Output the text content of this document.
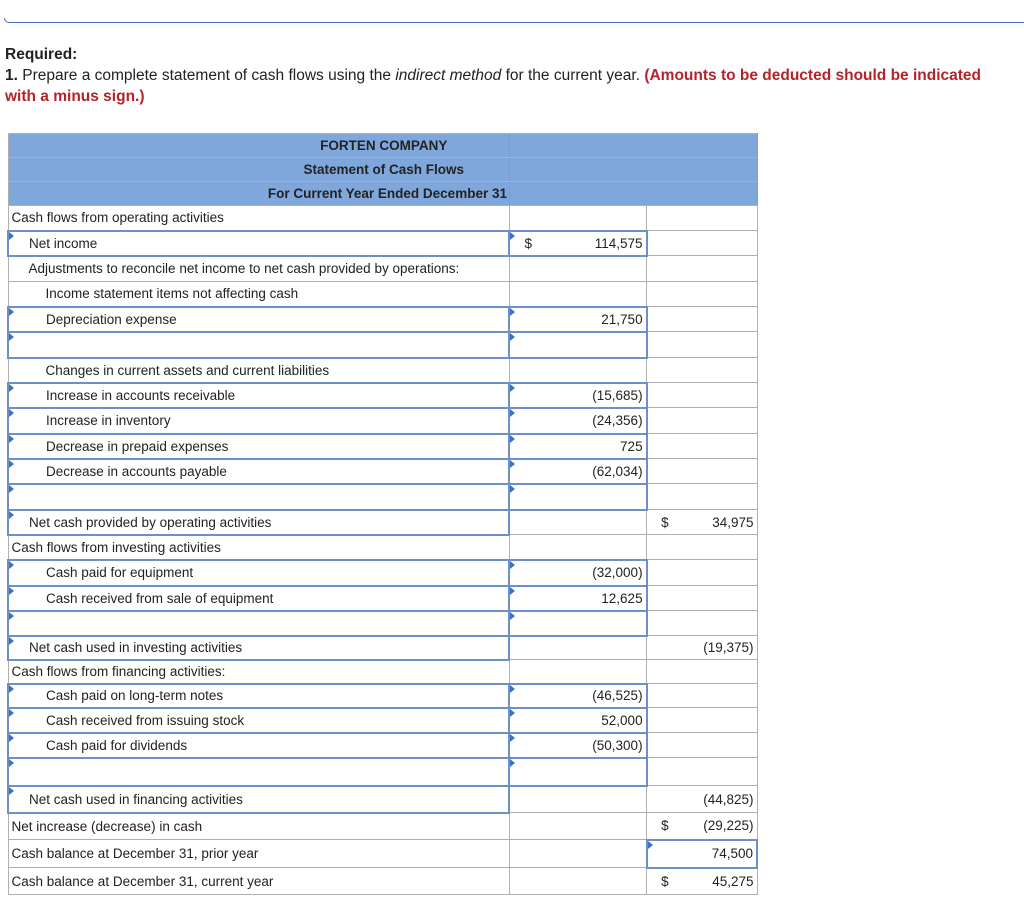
Required:
1. Prepare a complete statement of cash flows using the indirect method for the current year. (Amounts to be deducted should be indicated with a minus sign.)
FORTEN COMPANY		
Statement of Cash Flows		
For Current Year Ended December 31		
Cash flows from operating activities		
Net income	$ 114,575	
Adjustments to reconcile net income to net cash provided by operations:		
Income statement items not affecting cash		
Depreciation expense	21,750	

Changes in current assets and current liabilities		
Increase in accounts receivable	(15,685)	
Increase in inventory	(24,356)	
Decrease in prepaid expenses	725	
Decrease in accounts payable	(62,034)	

Net cash provided by operating activities		$ 34,975
Cash flows from investing activities		
Cash paid for equipment	(32,000)	
Cash received from sale of equipment	12,625	

Net cash used in investing activities		(19,375)
Cash flows from financing activities:		
Cash paid on long-term notes	(46,525)	
Cash received from issuing stock	52,000	
Cash paid for dividends	(50,300)	

Net cash used in financing activities		(44,825)
Net increase (decrease) in cash		$ (29,225)
Cash balance at December 31, prior year		74,500
Cash balance at December 31, current year		$ 45,275
